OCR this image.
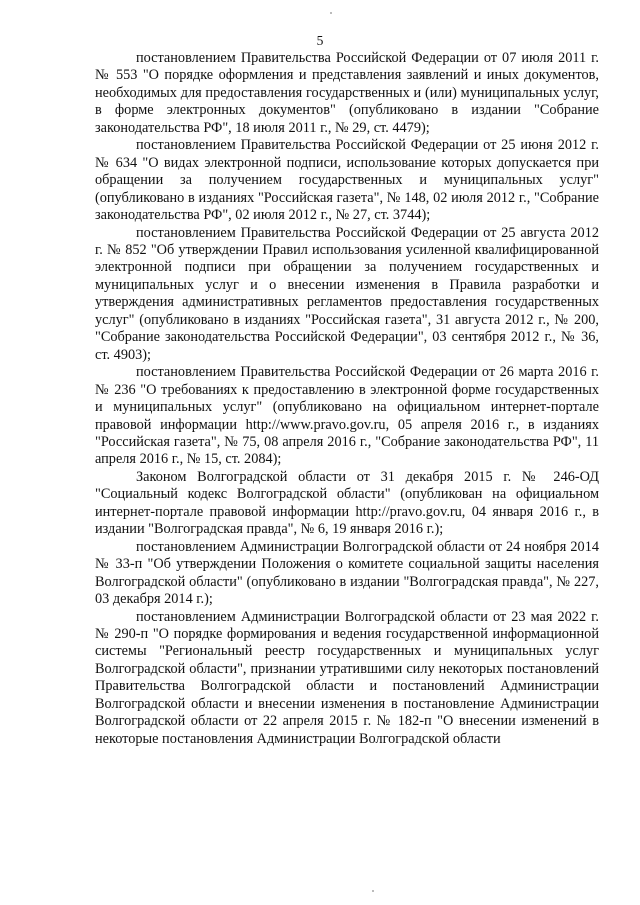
5

постановлением Правительства Российской Федерации от 07 июля 2011 г. № 553 "О порядке оформления и представления заявлений и иных документов, необходимых для предоставления государственных и (или) муниципальных услуг, в форме электронных документов" (опубликовано в издании "Собрание законодательства РФ", 18 июля 2011 г., № 29, ст. 4479);

постановлением Правительства Российской Федерации от 25 июня 2012 г. № 634 "О видах электронной подписи, использование которых допускается при обращении за получением государственных и муниципальных услуг" (опубликовано в изданиях "Российская газета", № 148, 02 июля 2012 г., "Собрание законодательства РФ", 02 июля 2012 г., № 27, ст. 3744);

постановлением Правительства Российской Федерации от 25 августа 2012 г. № 852 "Об утверждении Правил использования усиленной квалифицированной электронной подписи при обращении за получением государственных и муниципальных услуг и о внесении изменения в Правила разработки и утверждения административных регламентов предоставления государственных услуг" (опубликовано в изданиях "Российская газета", 31 августа 2012 г., № 200, "Собрание законодательства Российской Федерации", 03 сентября 2012 г., № 36, ст. 4903);

постановлением Правительства Российской Федерации от 26 марта 2016 г. № 236 "О требованиях к предоставлению в электронной форме государственных и муниципальных услуг" (опубликовано на официальном интернет-портале правовой информации http://www.pravo.gov.ru, 05 апреля 2016 г., в изданиях "Российская газета", № 75, 08 апреля 2016 г., "Собрание законодательства РФ", 11 апреля 2016 г., № 15, ст. 2084);

Законом Волгоградской области от 31 декабря 2015 г. № 246-ОД "Социальный кодекс Волгоградской области" (опубликован на официальном интернет-портале правовой информации http://pravo.gov.ru, 04 января 2016 г., в издании "Волгоградская правда", № 6, 19 января 2016 г.);

постановлением Администрации Волгоградской области от 24 ноября 2014 № 33-п "Об утверждении Положения о комитете социальной защиты населения Волгоградской области" (опубликовано в издании "Волгоградская правда", № 227, 03 декабря 2014 г.);

постановлением Администрации Волгоградской области от 23 мая 2022 г. № 290-п "О порядке формирования и ведения государственной информационной системы "Региональный реестр государственных и муниципальных услуг Волгоградской области", признании утратившими силу некоторых постановлений Правительства Волгоградской области и постановлений Администрации Волгоградской области и внесении изменения в постановление Администрации Волгоградской области от 22 апреля 2015 г. № 182-п "О внесении изменений в некоторые постановления Администрации Волгоградской области
